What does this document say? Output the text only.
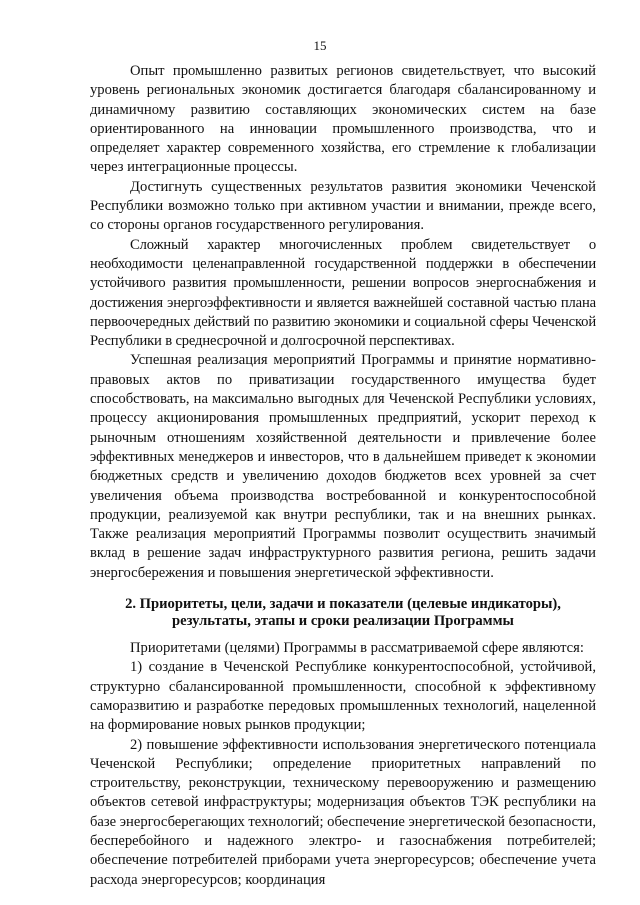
15

Опыт промышленно развитых регионов свидетельствует, что высокий уровень региональных экономик достигается благодаря сбалансированному и динамичному развитию составляющих экономических систем на базе ориентированного на инновации промышленного производства, что и определяет характер современного хозяйства, его стремление к глобализации через интеграционные процессы.

Достигнуть существенных результатов развития экономики Чеченской Республики возможно только при активном участии и внимании, прежде всего, со стороны органов государственного регулирования.

Сложный характер многочисленных проблем свидетельствует о необходимости целенаправленной государственной поддержки в обеспечении устойчивого развития промышленности, решении вопросов энергоснабжения и достижения энергоэффективности и является важнейшей составной частью плана первоочередных действий по развитию экономики и социальной сферы Чеченской Республики в среднесрочной и долгосрочной перспективах.

Успешная реализация мероприятий Программы и принятие нормативно-правовых актов по приватизации государственного имущества будет способствовать, на максимально выгодных для Чеченской Республики условиях, процессу акционирования промышленных предприятий, ускорит переход к рыночным отношениям хозяйственной деятельности и привлечение более эффективных менеджеров и инвесторов, что в дальнейшем приведет к экономии бюджетных средств и увеличению доходов бюджетов всех уровней за счет увеличения объема производства востребованной и конкурентоспособной продукции, реализуемой как внутри республики, так и на внешних рынках. Также реализация мероприятий Программы позволит осуществить значимый вклад в решение задач инфраструктурного развития региона, решить задачи энергосбережения и повышения энергетической эффективности.

2. Приоритеты, цели, задачи и показатели (целевые индикаторы),
результаты, этапы и сроки реализации Программы

Приоритетами (целями) Программы в рассматриваемой сфере являются:

1) создание в Чеченской Республике конкурентоспособной, устойчивой, структурно сбалансированной промышленности, способной к эффективному саморазвитию и разработке передовых промышленных технологий, нацеленной на формирование новых рынков продукции;

2) повышение эффективности использования энергетического потенциала Чеченской Республики; определение приоритетных направлений по строительству, реконструкции, техническому перевооружению и размещению объектов сетевой инфраструктуры; модернизация объектов ТЭК республики на базе энергосберегающих технологий; обеспечение энергетической безопасности, бесперебойного и надежного электро- и газоснабжения потребителей; обеспечение потребителей приборами учета энергоресурсов; обеспечение учета расхода энергоресурсов; координация
